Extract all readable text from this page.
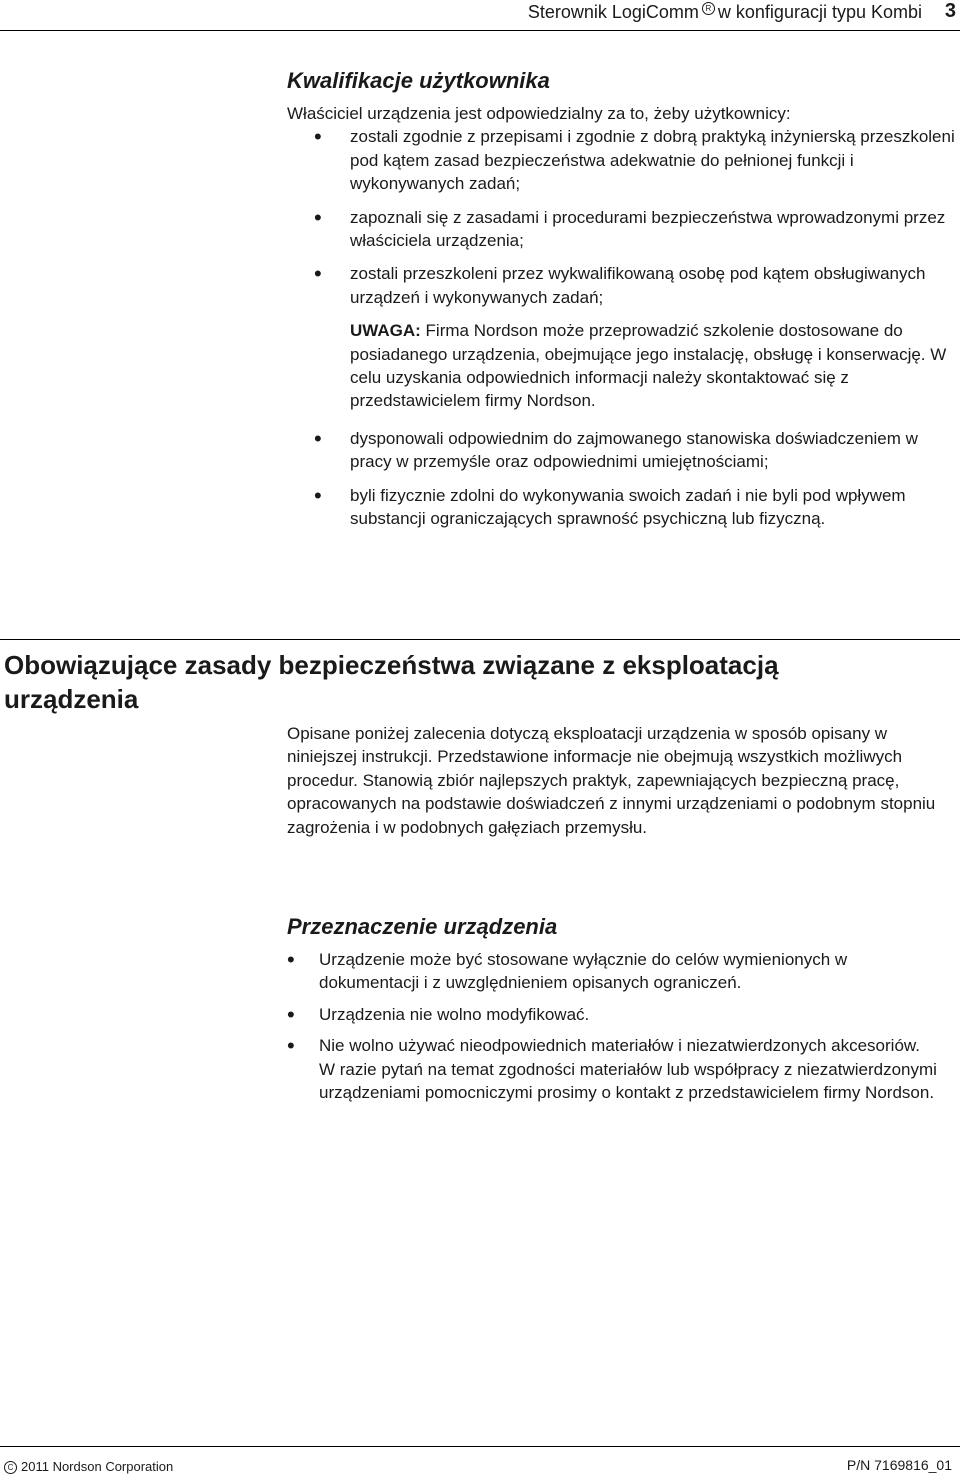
Sterownik LogiComm R w konfiguracji typu Kombi 3
Kwalifikacje użytkownika

Właściciel urządzenia jest odpowiedzialny za to, żeby użytkownicy:

• zostali zgodnie z przepisami i zgodnie z dobrą praktyką inżynierską przeszkoleni pod kątem zasad bezpieczeństwa adekwatnie do pełnionej funkcji i wykonywanych zadań;
• zapoznali się z zasadami i procedurami bezpieczeństwa wprowadzonymi przez właściciela urządzenia;
• zostali przeszkoleni przez wykwalifikowaną osobę pod kątem obsługiwanych urządzeń i wykonywanych zadań;
UWAGA: Firma Nordson może przeprowadzić szkolenie dostosowane do posiadanego urządzenia, obejmujące jego instalację, obsługę i konserwację. W celu uzyskania odpowiednich informacji należy skontaktować się z przedstawicielem firmy Nordson.
• dysponowali odpowiednim do zajmowanego stanowiska doświadczeniem w pracy w przemyśle oraz odpowiednimi umiejętnościami;
• byli fizycznie zdolni do wykonywania swoich zadań i nie byli pod wpływem substancji ograniczających sprawność psychiczną lub fizyczną.
Obowiązujące zasady bezpieczeństwa związane z eksploatacją urządzenia

Opisane poniżej zalecenia dotyczą eksploatacji urządzenia w sposób opisany w niniejszej instrukcji. Przedstawione informacje nie obejmują wszystkich możliwych procedur. Stanowią zbiór najlepszych praktyk, zapewniających bezpieczną pracę, opracowanych na podstawie doświadczeń z innymi urządzeniami o podobnym stopniu zagrożenia i w podobnych gałęziach przemysłu.

Przeznaczenie urządzenia
• Urządzenie może być stosowane wyłącznie do celów wymienionych w dokumentacji i z uwzględnieniem opisanych ograniczeń.
• Urządzenia nie wolno modyfikować.
• Nie wolno używać nieodpowiednich materiałów i niezatwierdzonych akcesoriów. W razie pytań na temat zgodności materiałów lub współpracy z niezatwierdzonymi urządzeniami pomocniczymi prosimy o kontakt z przedstawicielem firmy Nordson.
C 2011 Nordson Corporation	P/N 7169816_01
